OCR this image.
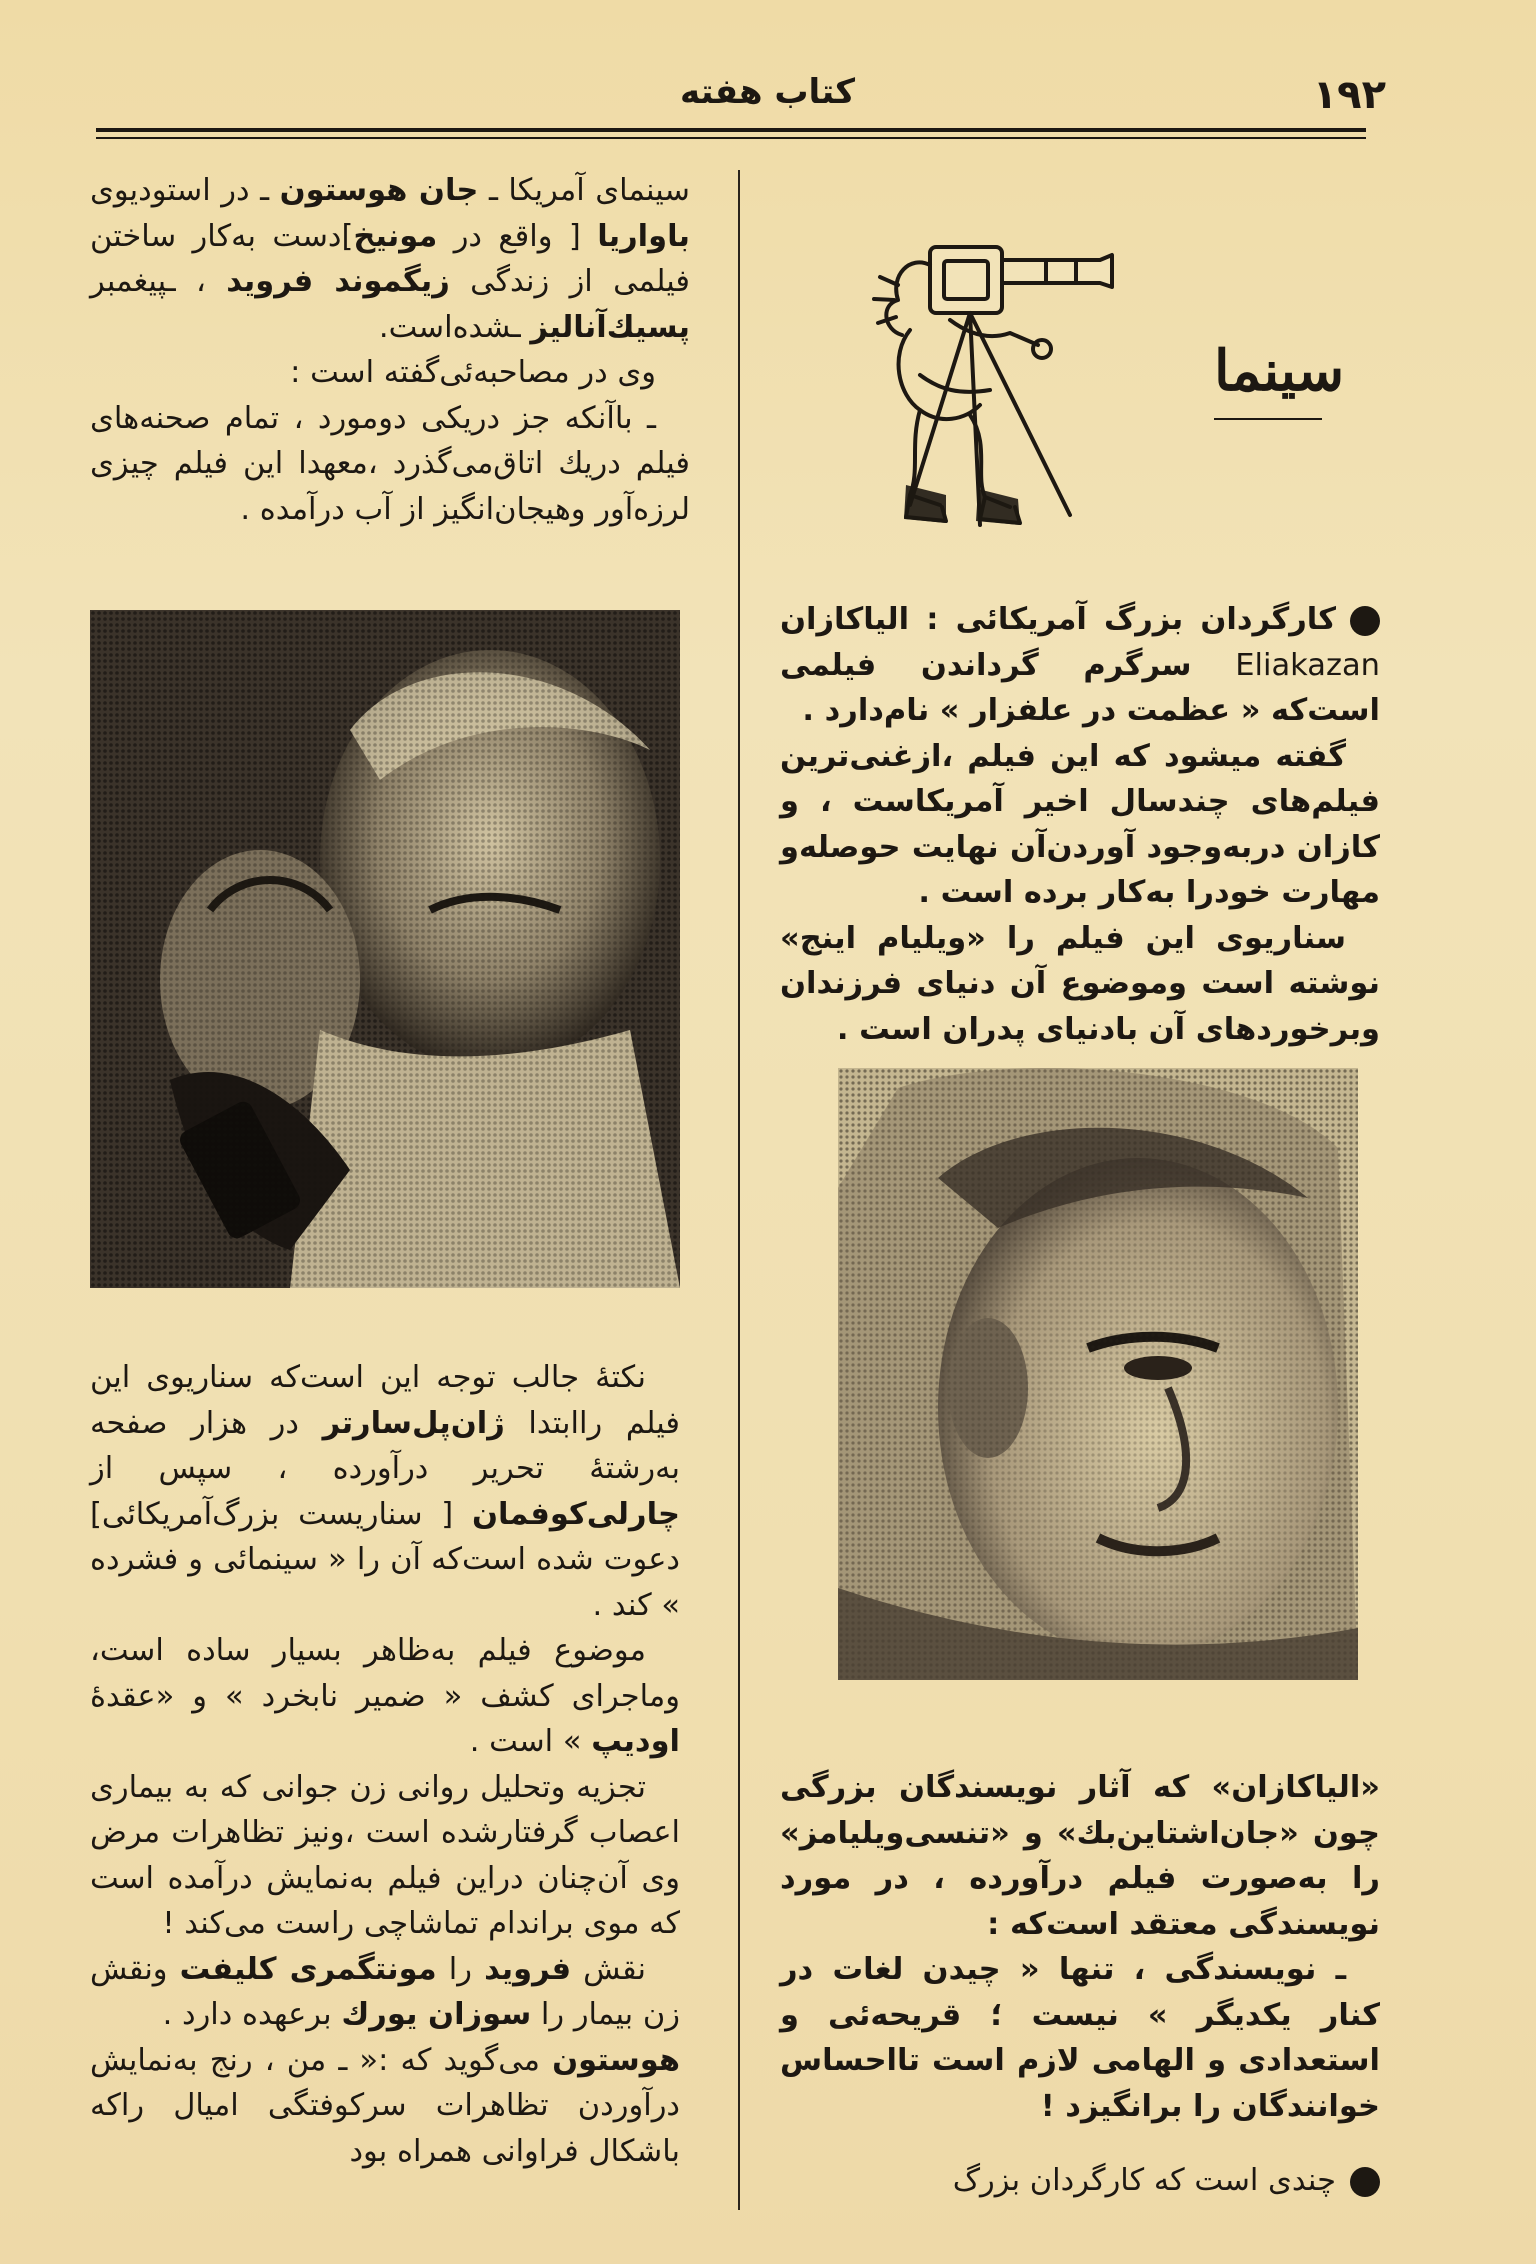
۱۹۲
کتاب هفته
سینما

کارگردان بزرگ آمریکائی : الیاکازان Eliakazan سرگرم گرداندن فیلمی است‌که « عظمت در علفزار » نام‌دارد .

گفته میشود که این فیلم ،ازغنی‌ترین فیلم‌های چندسال اخیر آمریکاست ، و کازان دربه‌وجود آوردن‌آن نهایت حوصله‌و مهارت خودرا به‌کار برده است .

سناریوی این فیلم را «ویلیام اینج» نوشته است وموضوع آن دنیای فرزندان وبرخوردهای آن بادنیای پدران است .

«الیاکازان» که آثار نویسندگان بزرگی چون «جان‌اشتاین‌بك» و «تنسی‌ویلیامز» را به‌صورت فیلم درآورده ، در مورد نویسندگی معتقد است‌که :

ـ نویسندگی ، تنها « چیدن لغات در کنار یکدیگر » نیست ؛ قریحه‌ئی و استعدادی و الهامی لازم است تااحساس خوانندگان را برانگیزد !

چندی است که کارگردان بزرگ

سینمای آمریکا ـ جان هوستون ـ در استودیوی باواریا [ واقع در مونیخ]دست به‌کار ساختن فیلمی از زندگی زیگموند فروید ، ـپیغمبر پسیك‌آنالیز ـشده‌است.

وی در مصاحبه‌ئی‌گفته است :

ـ باآنکه جز دریکی دومورد ، تمام صحنه‌های فیلم دریك اتاق‌می‌گذرد ،معهدا این فیلم چیزی لرزه‌آور وهیجان‌انگیز از آب درآمده .

نکتهٔ جالب توجه این است‌که سناریوی این فیلم راابتدا ژان‌پل‌سارتر در هزار صفحه به‌رشتهٔ تحریر درآورده ، سپس از چارلی‌کوفمان [ سناریست بزرگ‌آمریکائی] دعوت شده است‌که آن را « سینمائی و فشرده » کند .

موضوع فیلم به‌ظاهر بسیار ساده است، وماجرای کشف « ضمیر نابخرد » و «عقدهٔ اودیپ » است .

تجزیه وتحلیل روانی زن جوانی که به بیماری اعصاب گرفتارشده است ،ونیز تظاهرات مرض وی آن‌چنان دراین فیلم به‌نمایش درآمده است که موی براندام تماشاچی راست می‌کند !

نقش فروید را مونتگمری کلیفت ونقش زن بیمار را سوزان یورك برعهده دارد .

هوستون می‌گوید که :« ـ من ، رنج به‌نمایش درآوردن تظاهرات سرکوفتگی امیال راکه باشکال فراوانی همراه بود
